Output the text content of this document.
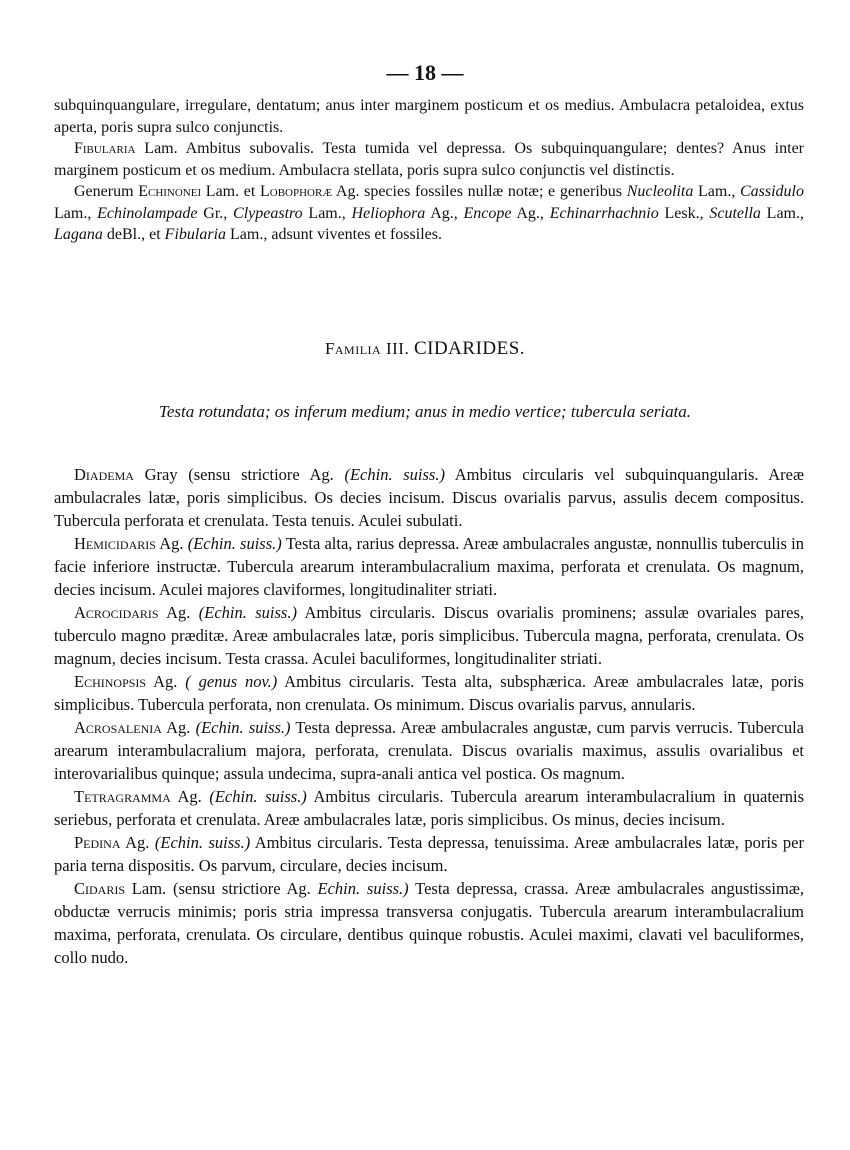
— 18 —

subquinquangulare, irregulare, dentatum; anus inter marginem posticum et os medius. Ambulacra petaloidea, extus aperta, poris supra sulco conjunctis.

Fibularia Lam. Ambitus subovalis. Testa tumida vel depressa. Os subquinquangulare; dentes? Anus inter marginem posticum et os medium. Ambulacra stellata, poris supra sulco conjunctis vel distinctis.

Generum Echinonei Lam. et Lobophoræ Ag. species fossiles nullæ notæ; e generibus Nucleolita Lam., Cassidulo Lam., Echinolampade Gr., Clypeastro Lam., Heliophora Ag., Encope Ag., Echinarrhachnio Lesk., Scutella Lam., Lagana deBl., et Fibularia Lam., adsunt viventes et fossiles.

Familia III. CIDARIDES.
Testa rotundata; os inferum medium; anus in medio vertice; tubercula seriata.

Diadema Gray (sensu strictiore Ag. (Echin. suiss.) Ambitus circularis vel subquinquangularis. Areæ ambulacrales latæ, poris simplicibus. Os decies incisum. Discus ovarialis parvus, assulis decem compositus. Tubercula perforata et crenulata. Testa tenuis. Aculei subulati.

Hemicidaris Ag. (Echin. suiss.) Testa alta, rarius depressa. Areæ ambulacrales angustæ, nonnullis tuberculis in facie inferiore instructæ. Tubercula arearum interambulacralium maxima, perforata et crenulata. Os magnum, decies incisum. Aculei majores claviformes, longitudinaliter striati.

Acrocidaris Ag. (Echin. suiss.) Ambitus circularis. Discus ovarialis prominens; assulæ ovariales pares, tuberculo magno præditæ. Areæ ambulacrales latæ, poris simplicibus. Tubercula magna, perforata, crenulata. Os magnum, decies incisum. Testa crassa. Aculei baculiformes, longitudinaliter striati.

Echinopsis Ag. ( genus nov.) Ambitus circularis. Testa alta, subsphærica. Areæ ambulacrales latæ, poris simplicibus. Tubercula perforata, non crenulata. Os minimum. Discus ovarialis parvus, annularis.

Acrosalenia Ag. (Echin. suiss.) Testa depressa. Areæ ambulacrales angustæ, cum parvis verrucis. Tubercula arearum interambulacralium majora, perforata, crenulata. Discus ovarialis maximus, assulis ovarialibus et interovarialibus quinque; assula undecima, supra-anali antica vel postica. Os magnum.

Tetragramma Ag. (Echin. suiss.) Ambitus circularis. Tubercula arearum interambulacralium in quaternis seriebus, perforata et crenulata. Areæ ambulacrales latæ, poris simplicibus. Os minus, decies incisum.

Pedina Ag. (Echin. suiss.) Ambitus circularis. Testa depressa, tenuissima. Areæ ambulacrales latæ, poris per paria terna dispositis. Os parvum, circulare, decies incisum.

Cidaris Lam. (sensu strictiore Ag. Echin. suiss.) Testa depressa, crassa. Areæ ambulacrales angustissimæ, obductæ verrucis minimis; poris stria impressa transversa conjugatis. Tubercula arearum interambulacralium maxima, perforata, crenulata. Os circulare, dentibus quinque robustis. Aculei maximi, clavati vel baculiformes, collo nudo.
